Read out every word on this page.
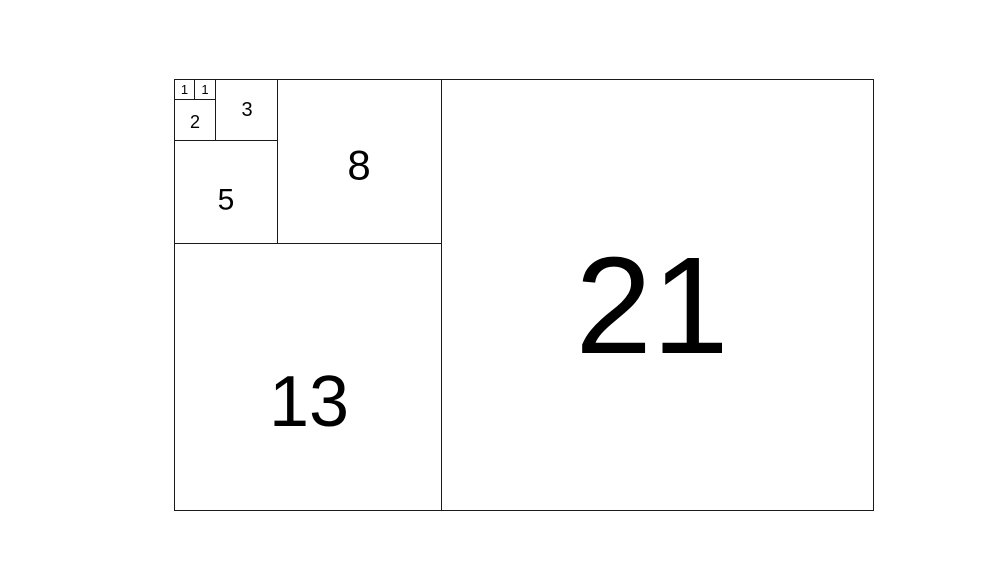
1 1
2
3
5
8
13
21
